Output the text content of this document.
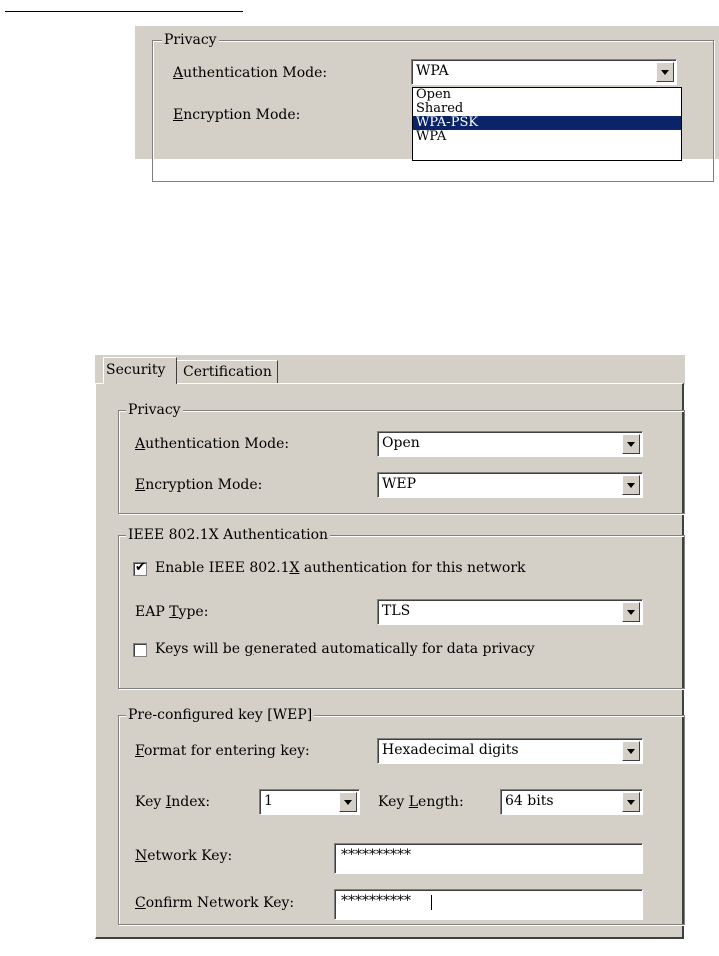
Privacy
Authentication Mode:	WPA
Encryption Mode:
Open
Shared
WPA-PSK
WPA
Security Certification
Privacy
Authentication Mode:	Open
Encryption Mode:	WEP
IEEE 802.1X Authentication
✔ Enable IEEE 802.1X authentication for this network
EAP Type:	TLS
Keys will be generated automatically for data privacy
Pre-configured key [WEP]
Format for entering key:	Hexadecimal digits
Key Index:	1	Key Length:	64 bits
Network Key:	**********
Confirm Network Key:	**********
